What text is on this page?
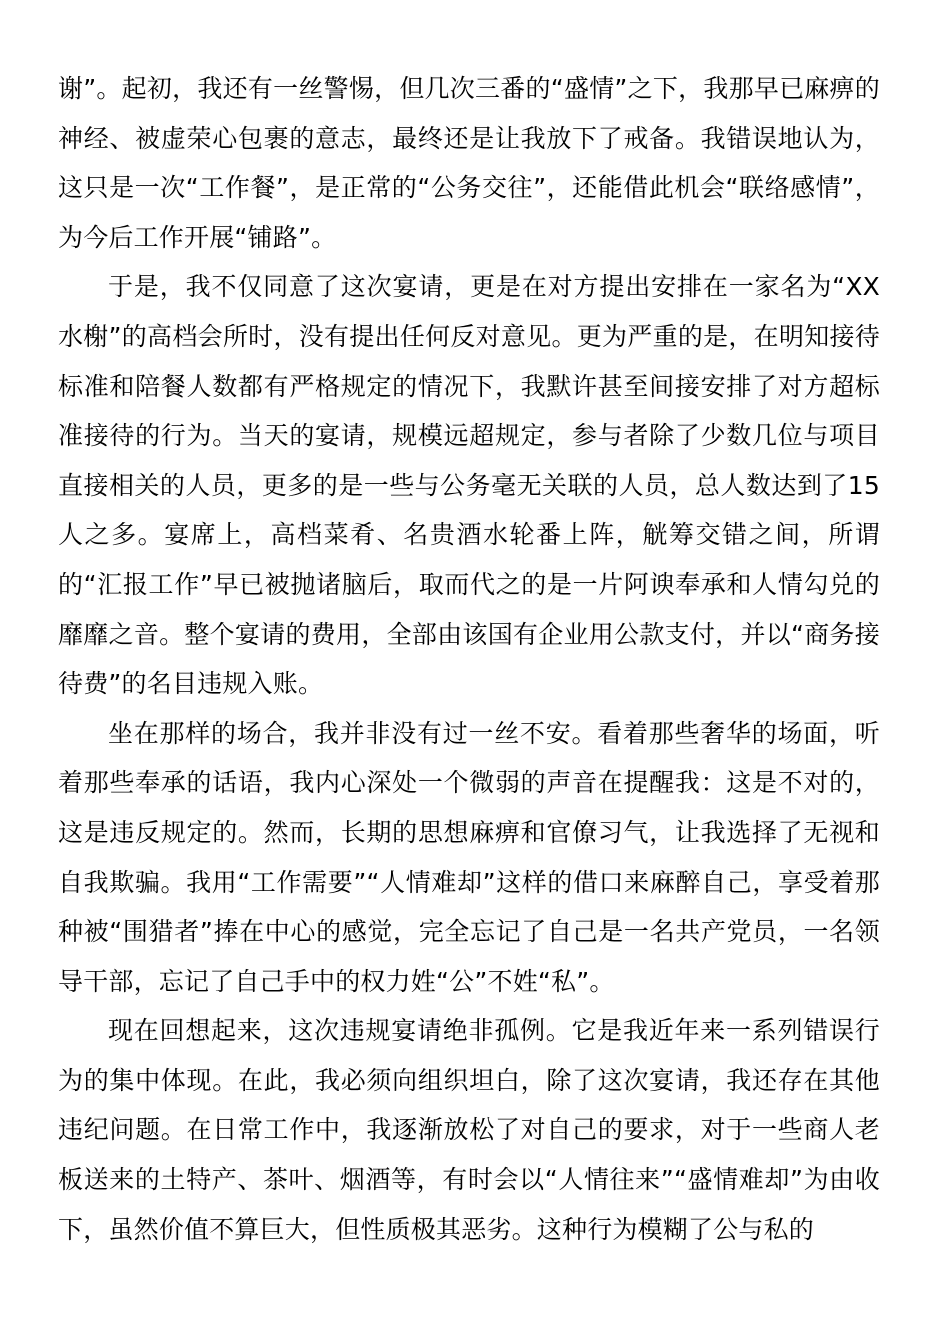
谢”。起初，我还有一丝警惕，但几次三番的“盛情”之下，我那早已麻痹的神经、被虚荣心包裹的意志，最终还是让我放下了戒备。我错误地认为，这只是一次“工作餐”，是正常的“公务交往”，还能借此机会“联络感情”，为今后工作开展“铺路”。

于是，我不仅同意了这次宴请，更是在对方提出安排在一家名为“XX水榭”的高档会所时，没有提出任何反对意见。更为严重的是，在明知接待标准和陪餐人数都有严格规定的情况下，我默许甚至间接安排了对方超标准接待的行为。当天的宴请，规模远超规定，参与者除了少数几位与项目直接相关的人员，更多的是一些与公务毫无关联的人员，总人数达到了15人之多。宴席上，高档菜肴、名贵酒水轮番上阵，觥筹交错之间，所谓的“汇报工作”早已被抛诸脑后，取而代之的是一片阿谀奉承和人情勾兑的靡靡之音。整个宴请的费用，全部由该国有企业用公款支付，并以“商务接待费”的名目违规入账。

坐在那样的场合，我并非没有过一丝不安。看着那些奢华的场面，听着那些奉承的话语，我内心深处一个微弱的声音在提醒我：这是不对的，这是违反规定的。然而，长期的思想麻痹和官僚习气，让我选择了无视和自我欺骗。我用“工作需要”“人情难却”这样的借口来麻醉自己，享受着那种被“围猎者”捧在中心的感觉，完全忘记了自己是一名共产党员，一名领导干部，忘记了自己手中的权力姓“公”不姓“私”。

现在回想起来，这次违规宴请绝非孤例。它是我近年来一系列错误行为的集中体现。在此，我必须向组织坦白，除了这次宴请，我还存在其他违纪问题。在日常工作中，我逐渐放松了对自己的要求，对于一些商人老板送来的土特产、茶叶、烟酒等，有时会以“人情往来”“盛情难却”为由收下，虽然价值不算巨大，但性质极其恶劣。这种行为模糊了公与私的
